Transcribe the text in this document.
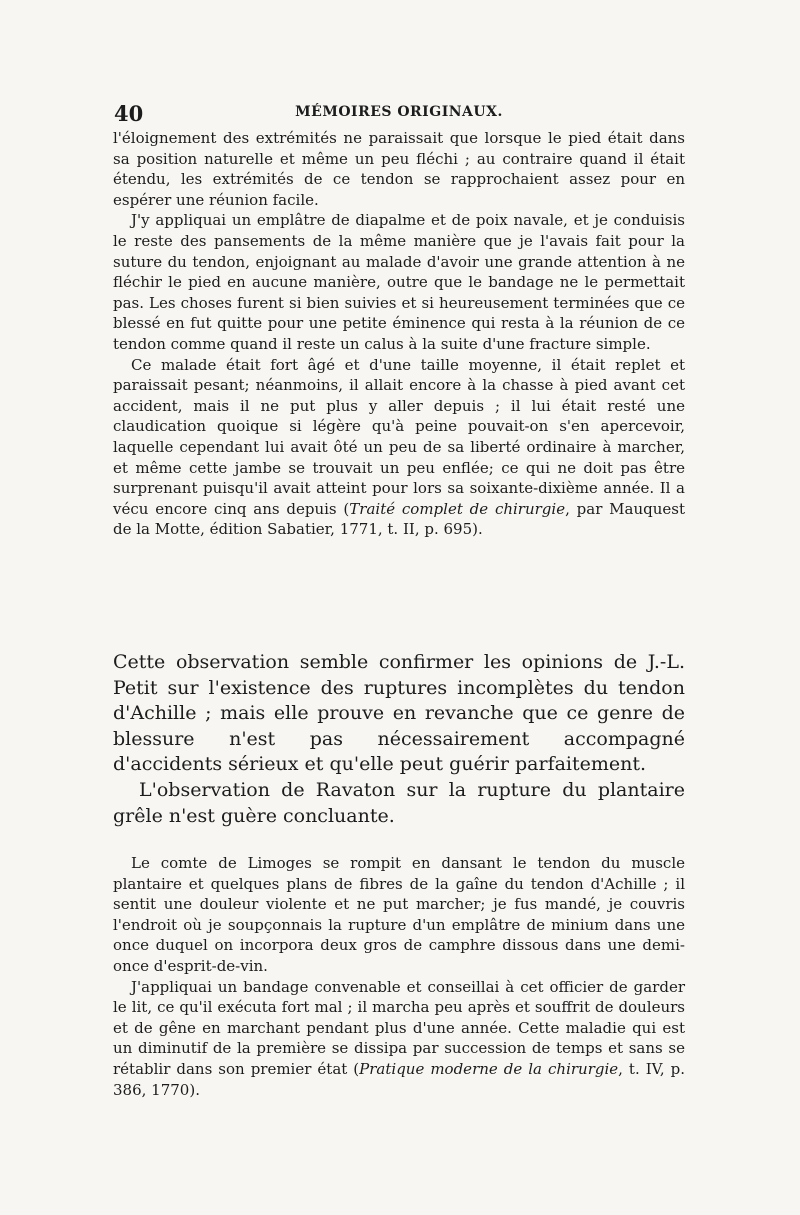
40	MÉMOIRES ORIGINAUX.

l'éloignement des extrémités ne paraissait que lorsque le pied était dans sa position naturelle et même un peu fléchi ; au contraire quand il était étendu, les extrémités de ce tendon se rapprochaient assez pour en espérer une réunion facile.

J'y appliquai un emplâtre de diapalme et de poix navale, et je conduisis le reste des pansements de la même manière que je l'avais fait pour la suture du tendon, enjoignant au malade d'avoir une grande attention à ne fléchir le pied en aucune manière, outre que le bandage ne le permettait pas. Les choses furent si bien suivies et si heureusement terminées que ce blessé en fut quitte pour une petite éminence qui resta à la réunion de ce tendon comme quand il reste un calus à la suite d'une fracture simple.

Ce malade était fort âgé et d'une taille moyenne, il était replet et paraissait pesant; néanmoins, il allait encore à la chasse à pied avant cet accident, mais il ne put plus y aller depuis ; il lui était resté une claudication quoique si légère qu'à peine pouvait-on s'en apercevoir, laquelle cependant lui avait ôté un peu de sa liberté ordinaire à marcher, et même cette jambe se trouvait un peu enflée; ce qui ne doit pas être surprenant puisqu'il avait atteint pour lors sa soixante-dixième année. Il a vécu encore cinq ans depuis (Traité complet de chirurgie, par Mauquest de la Motte, édition Sabatier, 1771, t. II, p. 695).

Cette observation semble confirmer les opinions de J.-L. Petit sur l'existence des ruptures incomplètes du tendon d'Achille ; mais elle prouve en revanche que ce genre de blessure n'est pas nécessairement accompagné d'accidents sérieux et qu'elle peut guérir parfaitement.

L'observation de Ravaton sur la rupture du plantaire grêle n'est guère concluante.

Le comte de Limoges se rompit en dansant le tendon du muscle plantaire et quelques plans de fibres de la gaîne du tendon d'Achille ; il sentit une douleur violente et ne put marcher; je fus mandé, je couvris l'endroit où je soupçonnais la rupture d'un emplâtre de minium dans une once duquel on incorpora deux gros de camphre dissous dans une demi-once d'esprit-de-vin.

J'appliquai un bandage convenable et conseillai à cet officier de garder le lit, ce qu'il exécuta fort mal ; il marcha peu après et souffrit de douleurs et de gêne en marchant pendant plus d'une année. Cette maladie qui est un diminutif de la première se dissipa par succession de temps et sans se rétablir dans son premier état (Pratique moderne de la chirurgie, t. IV, p. 386, 1770).
